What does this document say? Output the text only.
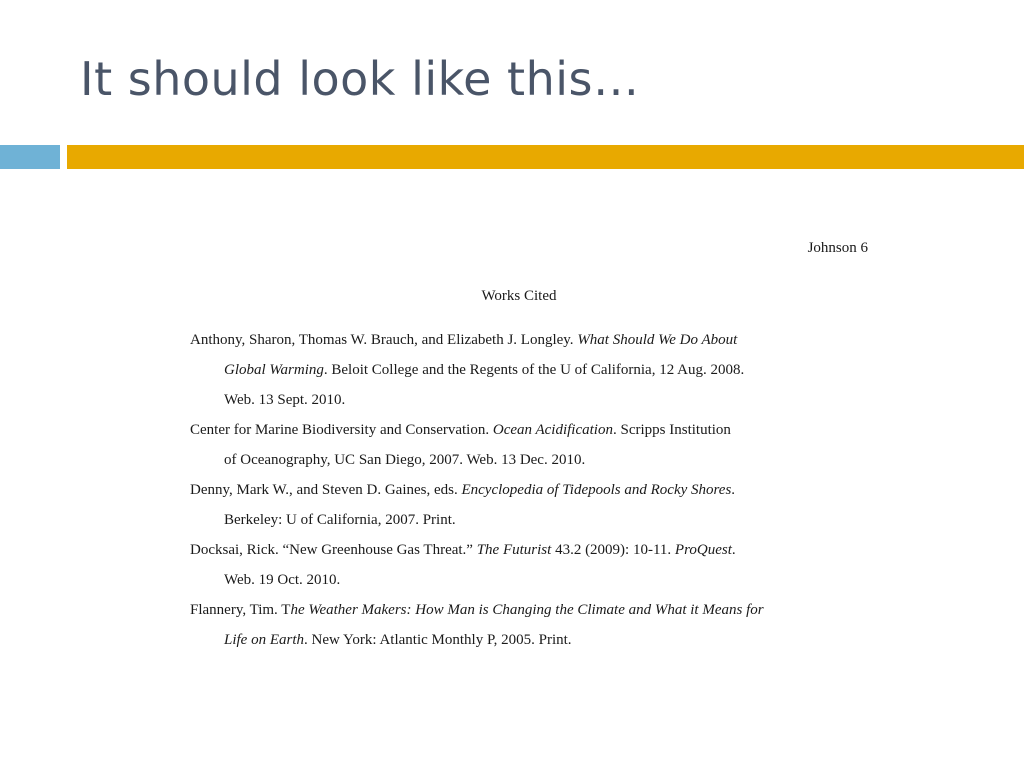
It should look like this…

Johnson 6

Works Cited

Anthony, Sharon, Thomas W. Brauch, and Elizabeth J. Longley. What Should We Do About
Global Warming. Beloit College and the Regents of the U of California, 12 Aug. 2008.
Web. 13 Sept. 2010.
Center for Marine Biodiversity and Conservation. Ocean Acidification. Scripps Institution
of Oceanography, UC San Diego, 2007. Web. 13 Dec. 2010.
Denny, Mark W., and Steven D. Gaines, eds. Encyclopedia of Tidepools and Rocky Shores.
Berkeley: U of California, 2007. Print.
Docksai, Rick. “New Greenhouse Gas Threat.” The Futurist 43.2 (2009): 10-11. ProQuest.
Web. 19 Oct. 2010.
Flannery, Tim. The Weather Makers: How Man is Changing the Climate and What it Means for
Life on Earth. New York: Atlantic Monthly P, 2005. Print.
